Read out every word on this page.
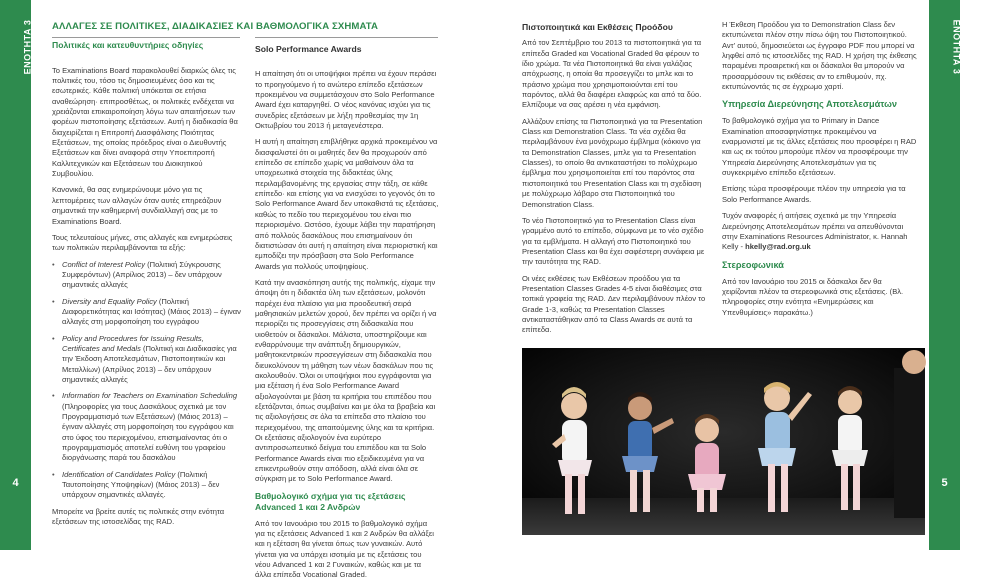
ΕΝΟΤΗΤΑ 3
4
ΕΝΟΤΗΤΑ 3
5
ΑΛΛΑΓΕΣ ΣΕ ΠΟΛΙΤΙΚΕΣ, ΔΙΑΔΙΚΑΣΙΕΣ ΚΑΙ ΒΑΘΜΟΛΟΓΙΚΑ ΣΧΗΜΑΤΑ
Πολιτικές και κατευθυντήριες οδηγίες

Το Examinations Board παρακολουθεί διαρκώς όλες τις πολιτικές του, τόσο τις δημοσιευμένες όσο και τις εσωτερικές. Κάθε πολιτική υπόκειται σε ετήσια αναθεώρηση· επιπροσθέτως, οι πολιτικές ενδέχεται να χρειάζονται επικαιροποίηση λόγω των απαιτήσεων των φορέων πιστοποίησης εξετάσεων. Αυτή η διαδικασία θα διαχειρίζεται η Επιτροπή Διασφάλισης Ποιότητας Εξετάσεων, της οποίας πρόεδρος είναι ο Διευθυντής Εξετάσεων και δίνει αναφορά στην Υποεπιτροπή Καλλιτεχνικών και Εξετάσεων του Διοικητικού Συμβουλίου.

Κανονικά, θα σας ενημερώνουμε μόνο για τις λεπτομέρειες των αλλαγών όταν αυτές επηρεάζουν σημαντικά την καθημερινή συνδιαλλαγή σας με το Examinations Board.

Τους τελευταίους μήνες, στις αλλαγές και ενημερώσεις των πολιτικών περιλαμβάνονται τα εξής:

• Conflict of Interest Policy (Πολιτική Σύγκρουσης Συμφερόντων) (Απρίλιος 2013) – δεν υπάρχουν σημαντικές αλλαγές
• Diversity and Equality Policy (Πολιτική Διαφορετικότητας και Ισότητας) (Μάιος 2013) – έγιναν αλλαγές στη μορφοποίηση του εγγράφου
• Policy and Procedures for Issuing Results, Certificates and Medals (Πολιτική και Διαδικασίες για την Έκδοση Αποτελεσμάτων, Πιστοποιητικών και Μεταλλίων) (Απρίλιος 2013) – δεν υπάρχουν σημαντικές αλλαγές
• Information for Teachers on Examination Scheduling (Πληροφορίες για τους Δασκάλους σχετικά με τον Προγραμματισμό των Εξετάσεων) (Μάιος 2013) – έγιναν αλλαγές στη μορφοποίηση του εγγράφου και στο ύφος του περιεχομένου, επισημαίνοντας ότι ο προγραμματισμός αποτελεί ευθύνη του γραφείου διοργάνωσης παρά του δασκάλου
• Identification of Candidates Policy (Πολιτική Ταυτοποίησης Υποψηφίων) (Μάιος 2013) – δεν υπάρχουν σημαντικές αλλαγές.

Μπορείτε να βρείτε αυτές τις πολιτικές στην ενότητα εξετάσεων της ιστοσελίδας της RAD.

Solo Performance Awards

Η απαίτηση ότι οι υποψήφιοι πρέπει να έχουν περάσει το προηγούμενο ή το ανώτερο επίπεδο εξετάσεων προκειμένου να συμμετάσχουν στο Solo Performance Award έχει καταργηθεί. Ο νέος κανόνας ισχύει για τις συνεδρίες εξετάσεων με λήξη προθεσμίας την 1η Οκτωβρίου του 2013 ή μεταγενέστερα.

Η αυτή η απαίτηση επιβλήθηκε αρχικά προκειμένου να διασφαλιστεί ότι οι μαθητές δεν θα προχωρούν από επίπεδο σε επίπεδο χωρίς να μαθαίνουν όλα τα υποχρεωτικά στοιχεία της διδακτέας ύλης περιλαμβανομένης της εργασίας στην τάξη, σε κάθε επίπεδο· και επίσης για να ενισχύσει το γεγονός ότι το Solo Performance Award δεν υποκαθιστά τις εξετάσεις, καθώς το πεδίο του περιεχομένου του είναι πιο περιορισμένο. Ωστόσο, έχουμε λάβει την παρατήρηση από πολλούς δασκάλους που επισημαίνουν ότι διατιστώσαν ότι αυτή η απαίτηση είναι περιοριστική και εμποδίζει την πρόσβαση στα Solo Performance Awards για πολλούς υποψηφίους.

Κατά την ανασκόπηση αυτής της πολιτικής, είχαμε την άποψη ότι η διδακτέα ύλη των εξετάσεων, μολονότι παρέχει ένα πλαίσιο για μια προοδευτική σειρά μαθησιακών μελετών χορού, δεν πρέπει να ορίζει ή να περιορίζει τις προσεγγίσεις στη διδασκαλία που υιοθετούν οι δάσκαλοι. Μάλιστα, υποστηρίζουμε και ενθαρρύνουμε την ανάπτυξη δημιουργικών, μαθητοκεντρικών προσεγγίσεων στη διδασκαλία που διευκολύνουν τη μάθηση των νέων δασκάλων που τις ακολουθούν. Όλοι οι υποψήφιοι που εγγράφονται για μια εξέταση ή ένα Solo Performance Award αξιολογούνται με βάση τα κριτήρια του επιπέδου που εξετάζονται, όπως συμβαίνει και με όλα τα βραβεία και τις αξιολογήσεις σε όλα τα επίπεδα στο πλαίσιο του περιεχομένου, της απαιτούμενης ύλης και τα κριτήρια. Οι εξετάσεις αξιολογούν ένα ευρύτερο αντιπροσωπευτικό δείγμα του επιπέδου και τα Solo Performance Awards είναι πιο εξειδικευμένα για να επικεντρωθούν στην απόδοση, αλλά είναι όλα σε σύγκριση με το Solo Performance Award.

Βαθμολογικό σχήμα για τις εξετάσεις Advanced 1 και 2 Ανδρών

Από τον Ιανουάριο του 2015 το βαθμολογικό σχήμα για τις εξετάσεις Advanced 1 και 2 Ανδρών θα αλλάξει και η εξέταση θα γίνεται όπως των γυναικών. Αυτό γίνεται για να υπάρχει ισοτιμία με τις εξετάσεις του νέου Advanced 1 και 2 Γυναικών, καθώς και με τα άλλα επίπεδα Vocational Graded.

Πιστοποιητικά και Εκθέσεις Προόδου

Από τον Σεπτέμβριο του 2013 τα πιστοποιητικά για τα επίπεδα Graded και Vocational Graded θα φέρουν το ίδιο χρώμα. Τα νέα Πιστοποιητικά θα είναι γαλάζιας απόχρωσης, η οποία θα προσεγγίζει το μπλε και το πράσινο χρώμα που χρησιμοποιούνται επί του παρόντος, αλλά θα διαφέρει ελαφρώς και από τα δύο. Ελπίζουμε να σας αρέσει η νέα εμφάνιση.

Αλλάζουν επίσης τα Πιστοποιητικά για τα Presentation Class και Demonstration Class. Τα νέα σχέδια θα περιλαμβάνουν ένα μονόχρωμο έμβλημα (κόκκινο για τα Demonstration Classes, μπλε για τα Presentation Classes), το οποίο θα αντικαταστήσει το πολύχρωμο έμβλημα που χρησιμοποιείται επί του παρόντος στα πιστοποιητικά του Presentation Class και τη σχεδίαση με πολύχρωμο λάβαρο στα Πιστοποιητικά του Demonstration Class.

Το νέο Πιστοποιητικό για το Presentation Class είναι γραμμένο αυτό το επίπεδο, σύμφωνα με το νέο σχέδιο για τα εμβλήματα. Η αλλαγή στο Πιστοποιητικό του Presentation Class και θα έχει σαφέστερη συνάφεια με την ταυτότητα της RAD.

Οι νέες εκθέσεις των Εκθέσεων προόδου για τα Presentation Classes Grades 4-5 είναι διαθέσιμες στα τοπικά γραφεία της RAD. Δεν περιλαμβάνουν πλέον το Grade 1-3, καθώς τα Presentation Classes αντικαταστάθηκαν από τα Class Awards σε αυτά τα επίπεδα.

Η Έκθεση Προόδου για το Demonstration Class δεν εκτυπώνεται πλέον στην πίσω όψη του Πιστοποιητικού. Αντ' αυτού, δημοσιεύεται ως έγγραφο PDF που μπορεί να ληφθεί από τις ιστοσελίδες της RAD. Η χρήση της έκθεσης παραμένει προαιρετική και οι δάσκαλοι θα μπορούν να προσαρμόσουν τις εκθέσεις αν το επιθυμούν, πχ. εκτυπώνοντάς τις σε έγχρωμο χαρτί.

Υπηρεσία Διερεύνησης Αποτελεσμάτων

Το βαθμολογικό σχήμα για το Primary in Dance Examination αποσαφηνίστηκε προκειμένου να εναρμονιστεί με τις άλλες εξετάσεις που προσφέρει η RAD και ως εκ τούτου μπορούμε πλέον να προσφέρουμε την Υπηρεσία Διερεύνησης Αποτελεσμάτων για τις συγκεκριμένο επίπεδο εξετάσεων.

Επίσης τώρα προσφέρουμε πλέον την υπηρεσία για τα Solo Performance Awards.

Τυχόν αναφορές ή αιτήσεις σχετικά με την Υπηρεσία Διερεύνησης Αποτελεσμάτων πρέπει να απευθύνονται στην Examinations Resources Administrator, κ. Hannah Kelly - hkelly@rad.org.uk

Στερεοφωνικά

Από τον Ιανουάριο του 2015 οι δάσκαλοι δεν θα χειρίζονται πλέον τα στερεοφωνικά στις εξετάσεις. (Βλ. πληροφορίες στην ενότητα «Ενημερώσεις και Υπενθυμίσεις» παρακάτω.)
